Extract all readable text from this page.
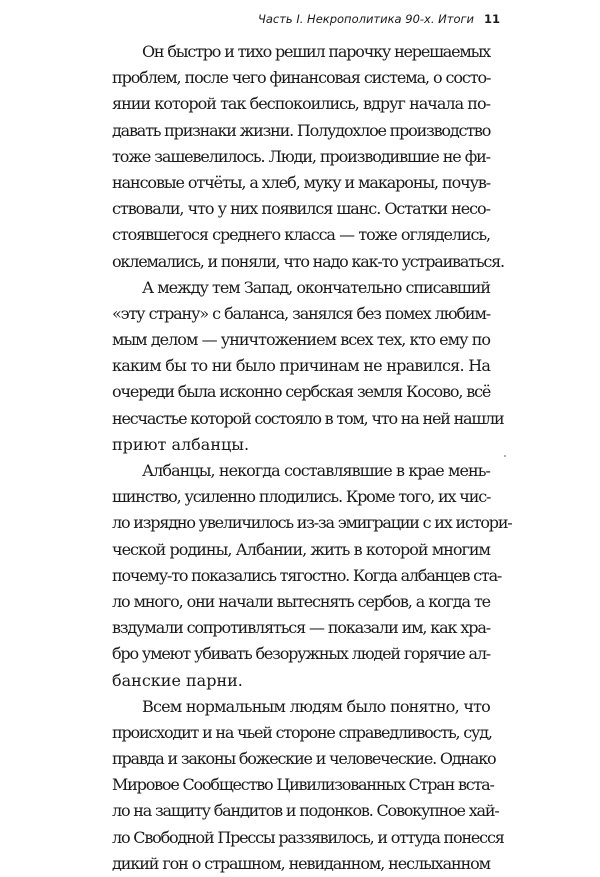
Часть I. Некрополитика 90-х. Итоги 11
Он быстро и тихо решил парочку нерешаемых
проблем, после чего финансовая система, о состо-
янии которой так беспокоились, вдруг начала по-
давать признаки жизни. Полудохлое производство
тоже зашевелилось. Люди, производившие не фи-
нансовые отчёты, а хлеб, муку и макароны, почув-
ствовали, что у них появился шанс. Остатки несо-
стоявшегося среднего класса — тоже огляделись,
оклемались, и поняли, что надо как-то устраиваться.
А между тем Запад, окончательно списавший
«эту страну» с баланса, занялся без помех любим-
мым делом — уничтожением всех тех, кто ему по
каким бы то ни было причинам не нравился. На
очереди была исконно сербская земля Косово, всё
несчастье которой состояло в том, что на ней нашли
приют албанцы.
Албанцы, некогда составлявшие в крае мень-
шинство, усиленно плодились. Кроме того, их чис-
ло изрядно увеличилось из-за эмиграции с их истори-
ческой родины, Албании, жить в которой многим
почему-то показались тягостно. Когда албанцев ста-
ло много, они начали вытеснять сербов, а когда те
вздумали сопротивляться — показали им, как хра-
бро умеют убивать безоружных людей горячие ал-
банские парни.
Всем нормальным людям было понятно, что
происходит и на чьей стороне справедливость, суд,
правда и законы божеские и человеческие. Однако
Мировое Сообщество Цивилизованных Стран вста-
ло на защиту бандитов и подонков. Совокупное хай-
ло Свободной Прессы раззявилось, и оттуда понесся
дикий гон о страшном, невиданном, неслыханном
